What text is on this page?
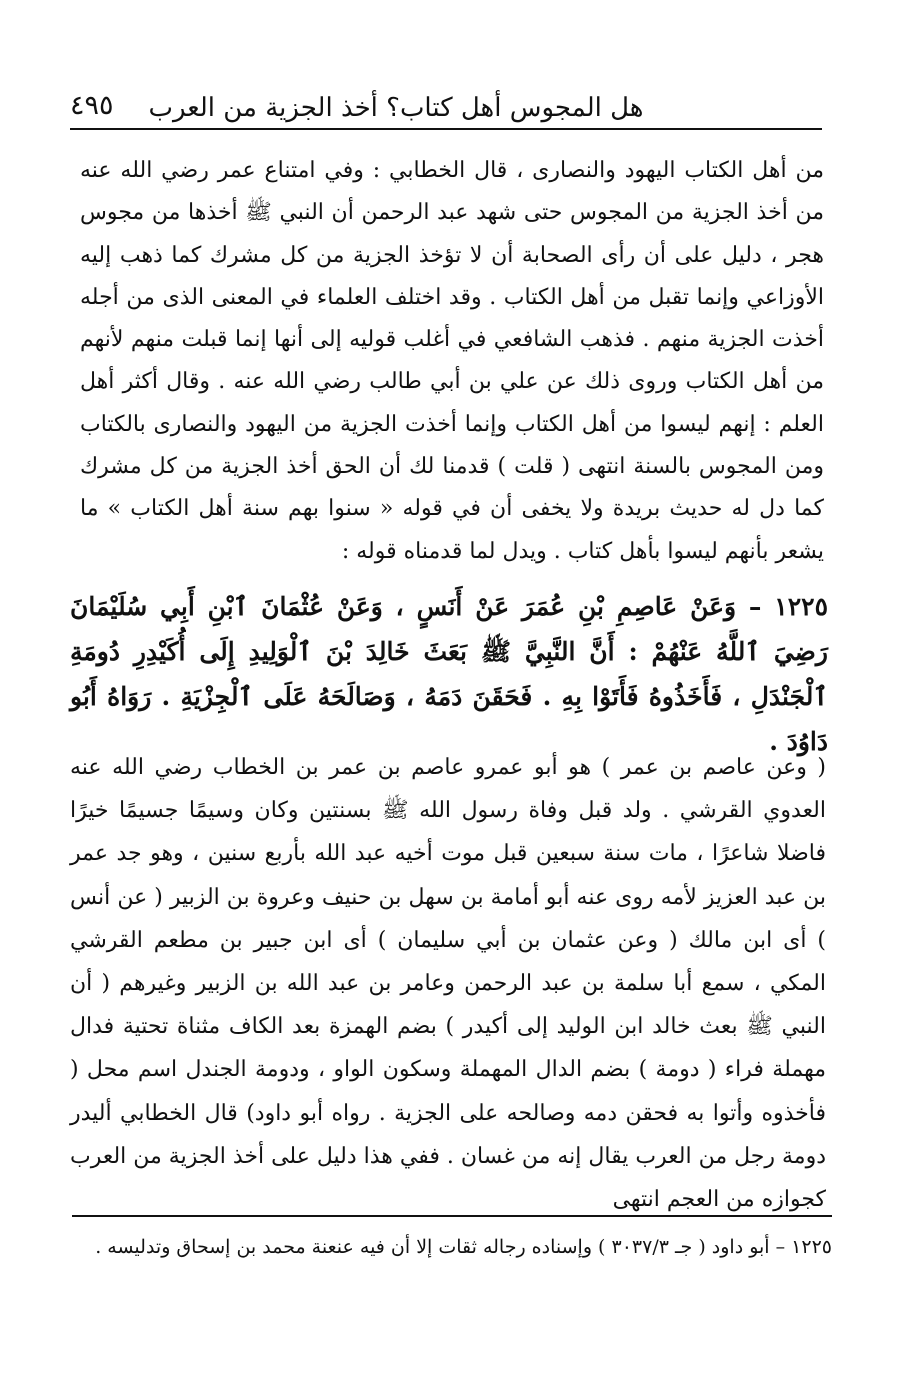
هل المجوس أهل كتاب؟ أخذ الجزية من العرب
٤٩٥

من أهل الكتاب اليهود والنصارى ، قال الخطابي : وفي امتناع عمر رضي الله عنه من أخذ الجزية من المجوس حتى شهد عبد الرحمن أن النبي ﷺ أخذها من مجوس هجر ، دليل على أن رأى الصحابة أن لا تؤخذ الجزية من كل مشرك كما ذهب إليه الأوزاعي وإنما تقبل من أهل الكتاب . وقد اختلف العلماء في المعنى الذى من أجله أخذت الجزية منهم . فذهب الشافعي في أغلب قوليه إلى أنها إنما قبلت منهم لأنهم من أهل الكتاب وروى ذلك عن علي بن أبي طالب رضي الله عنه . وقال أكثر أهل العلم : إنهم ليسوا من أهل الكتاب وإنما أخذت الجزية من اليهود والنصارى بالكتاب ومن المجوس بالسنة انتهى ( قلت ) قدمنا لك أن الحق أخذ الجزية من كل مشرك كما دل له حديث بريدة ولا يخفى أن في قوله « سنوا بهم سنة أهل الكتاب » ما يشعر بأنهم ليسوا بأهل كتاب . ويدل لما قدمناه قوله :

١٢٢٥ – وَعَنْ عَاصِمِ بْنِ عُمَرَ عَنْ أَنَسٍ ، وَعَنْ عُثْمَانَ ٱبْنِ أَبِي سُلَيْمَانَ رَضِيَ ٱللَّهُ عَنْهُمْ : أَنَّ النَّبِيَّ ﷺ بَعَثَ خَالِدَ بْنَ ٱلْوَلِيدِ إِلَى أُكَيْدِرِ دُومَةِ ٱلْجَنْدَلِ ، فَأَخَذُوهُ فَأَتَوْا بِهِ . فَحَقَنَ دَمَهُ ، وَصَالَحَهُ عَلَى ٱلْجِزْيَةِ . رَوَاهُ أَبُو دَاوُدَ .

( وعن عاصم بن عمر ) هو أبو عمرو عاصم بن عمر بن الخطاب رضي الله عنه العدوي القرشي . ولد قبل وفاة رسول الله ﷺ بسنتين وكان وسيمًا جسيمًا خيرًا فاضلا شاعرًا ، مات سنة سبعين قبل موت أخيه عبد الله بأربع سنين ، وهو جد عمر بن عبد العزيز لأمه روى عنه أبو أمامة بن سهل بن حنيف وعروة بن الزبير ( عن أنس ) أى ابن مالك ( وعن عثمان بن أبي سليمان ) أى ابن جبير بن مطعم القرشي المكي ، سمع أبا سلمة بن عبد الرحمن وعامر بن عبد الله بن الزبير وغيرهم ( أن النبي ﷺ بعث خالد ابن الوليد إلى أكيدر ) بضم الهمزة بعد الكاف مثناة تحتية فدال مهملة فراء ( دومة ) بضم الدال المهملة وسكون الواو ، ودومة الجندل اسم محل ( فأخذوه وأتوا به فحقن دمه وصالحه على الجزية . رواه أبو داود) قال الخطابي أليدر دومة رجل من العرب يقال إنه من غسان . ففي هذا دليل على أخذ الجزية من العرب كجوازه من العجم انتهى

١٢٢٥ – أبو داود ( جـ ٣٠٣٧/٣ ) وإسناده رجاله ثقات إلا أن فيه عنعنة محمد بن إسحاق وتدليسه .
